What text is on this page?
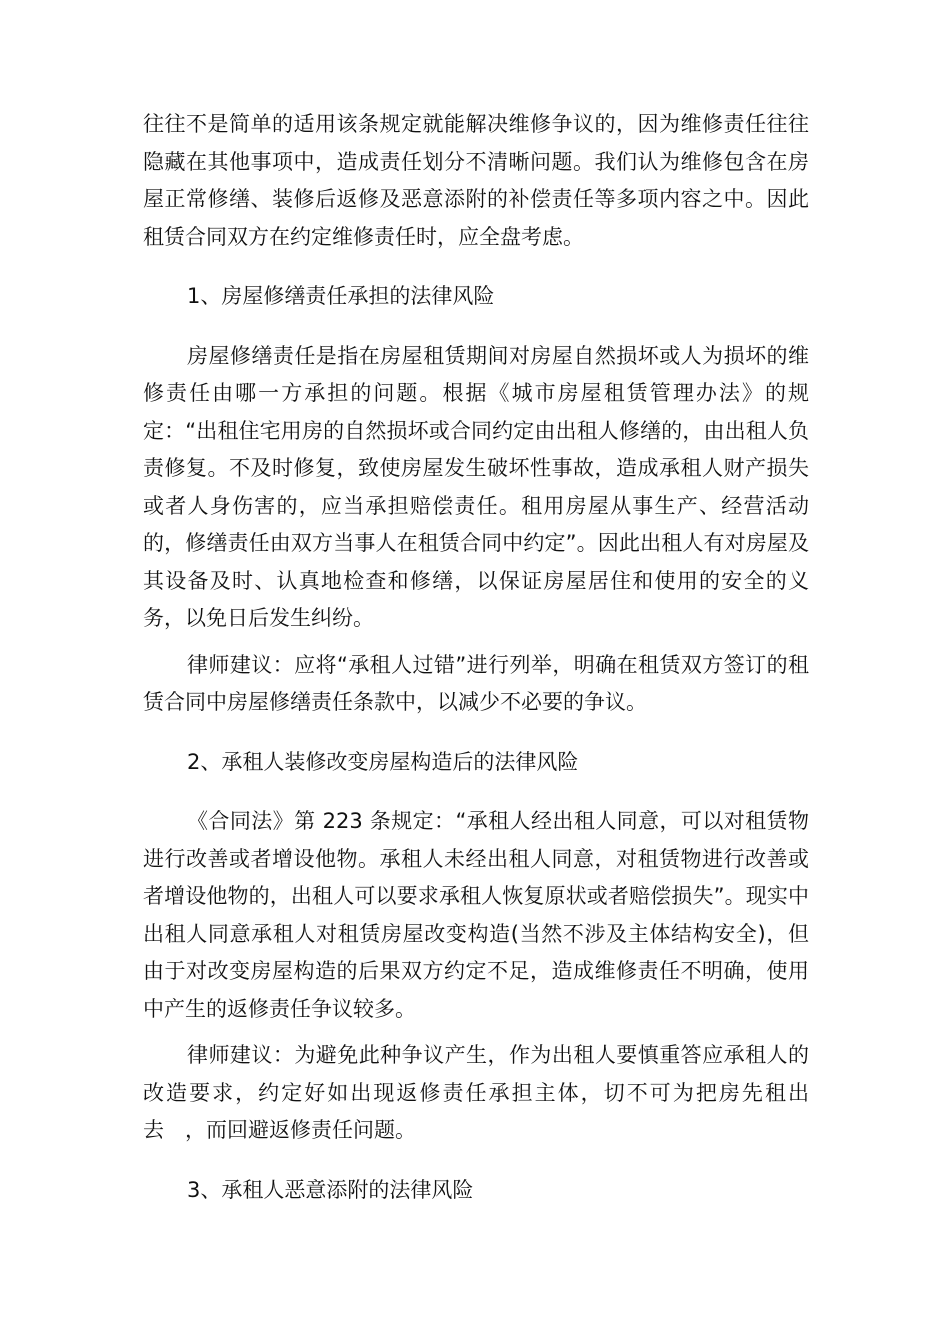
往往不是简单的适用该条规定就能解决维修争议的，因为维修责任往往隐藏在其他事项中，造成责任划分不清晰问题。我们认为维修包含在房屋正常修缮、装修后返修及恶意添附的补偿责任等多项内容之中。因此租赁合同双方在约定维修责任时，应全盘考虑。

1、房屋修缮责任承担的法律风险

房屋修缮责任是指在房屋租赁期间对房屋自然损坏或人为损坏的维修责任由哪一方承担的问题。根据《城市房屋租赁管理办法》的规定：“出租住宅用房的自然损坏或合同约定由出租人修缮的，由出租人负责修复。不及时修复，致使房屋发生破坏性事故，造成承租人财产损失或者人身伤害的，应当承担赔偿责任。租用房屋从事生产、经营活动的，修缮责任由双方当事人在租赁合同中约定”。因此出租人有对房屋及其设备及时、认真地检查和修缮，以保证房屋居住和使用的安全的义务，以免日后发生纠纷。

律师建议：应将“承租人过错”进行列举，明确在租赁双方签订的租赁合同中房屋修缮责任条款中，以减少不必要的争议。

2、承租人装修改变房屋构造后的法律风险

《合同法》第 223 条规定：“承租人经出租人同意，可以对租赁物进行改善或者增设他物。承租人未经出租人同意，对租赁物进行改善或者增设他物的，出租人可以要求承租人恢复原状或者赔偿损失”。现实中出租人同意承租人对租赁房屋改变构造(当然不涉及主体结构安全)，但由于对改变房屋构造的后果双方约定不足，造成维修责任不明确，使用中产生的返修责任争议较多。

律师建议：为避免此种争议产生，作为出租人要慎重答应承租人的改造要求，约定好如出现返修责任承担主体，切不可为把房先租出去　，而回避返修责任问题。

3、承租人恶意添附的法律风险
